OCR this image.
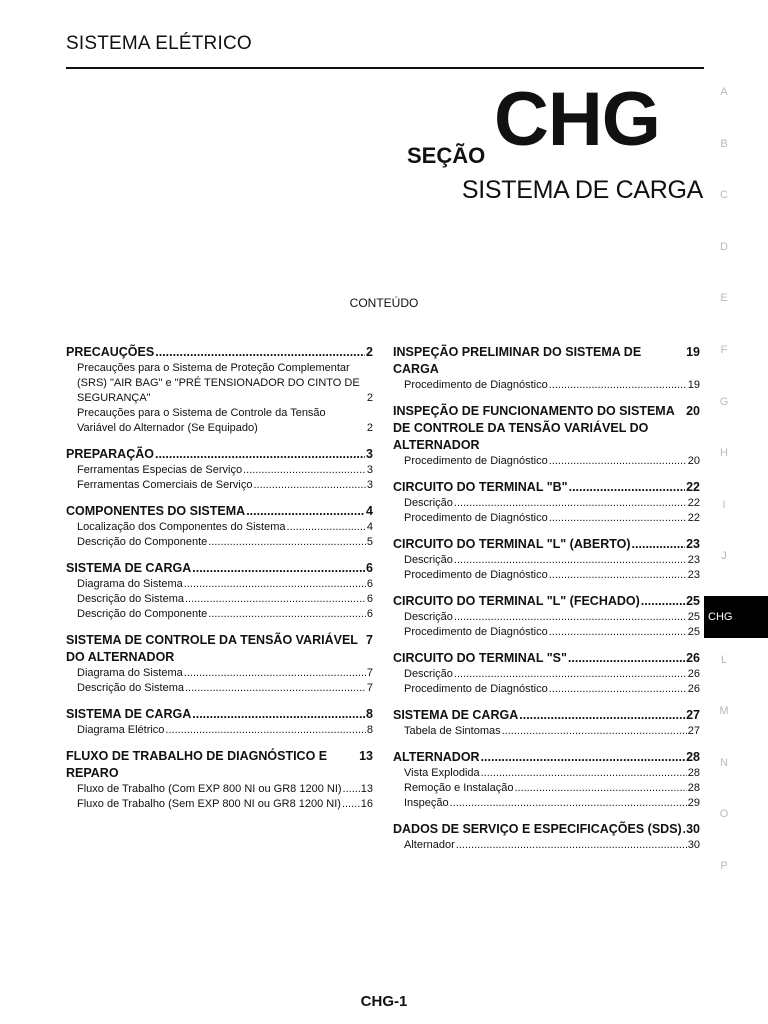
SISTEMA ELÉTRICO
SEÇÃO CHG
SISTEMA DE CARGA
CONTEÚDO
PRECAUÇÕES .....	2
Precauções para o Sistema de Proteção Complementar (SRS) "AIR BAG" e "PRÉ TENSIONADOR DO CINTO DE SEGURANÇA"	2
Precauções para o Sistema de Controle da Tensão Variável do Alternador (Se Equipado)	2
PREPARAÇÃO .....	3
Ferramentas Especias de Serviço .....	3
Ferramentas Comerciais de Serviço .....	3
COMPONENTES DO SISTEMA .....	4
Localização dos Componentes do Sistema .....	4
Descrição do Componente .....	5
SISTEMA DE CARGA .....	6
Diagrama do Sistema .....	6
Descrição do Sistema .....	6
Descrição do Componente .....	6
SISTEMA DE CONTROLE DA TENSÃO VARIÁVEL DO ALTERNADOR
7
Diagrama do Sistema .....	7
Descrição do Sistema .....	7
SISTEMA DE CARGA .....	8
Diagrama Elétrico .....	8
FLUXO DE TRABALHO DE DIAGNÓSTICO E REPARO
13
Fluxo de Trabalho (Com EXP 800 NI ou GR8 1200 NI) ..... 13
Fluxo de Trabalho (Sem EXP 800 NI ou GR8 1200 NI) ..... 16
INSPEÇÃO PRELIMINAR DO SISTEMA DE CARGA
19
Procedimento de Diagnóstico .....	19
INSPEÇÃO DE FUNCIONAMENTO DO SISTEMA DE CONTROLE DA TENSÃO VARIÁVEL DO ALTERNADOR
20
Procedimento de Diagnóstico .....	20
CIRCUITO DO TERMINAL "B" .....	22
Descrição .....	22
Procedimento de Diagnóstico .....	22
CIRCUITO DO TERMINAL "L" (ABERTO) .....	23
Descrição .....	23
Procedimento de Diagnóstico .....	23
CIRCUITO DO TERMINAL "L" (FECHADO) .....	25
Descrição .....	25
Procedimento de Diagnóstico .....	25
CIRCUITO DO TERMINAL "S" .....	26
Descrição .....	26
Procedimento de Diagnóstico .....	26
SISTEMA DE CARGA .....	27
Tabela de Sintomas .....	27
ALTERNADOR .....	28
Vista Explodida .....	28
Remoção e Instalação .....	28
Inspeção .....	29
DADOS DE SERVIÇO E ESPECIFICAÇÕES (SDS) ..... 30
Alternador .....	30
A
B
C
D
E
F
G
H
I
J
CHG
L
M
N
O
P
CHG-1
